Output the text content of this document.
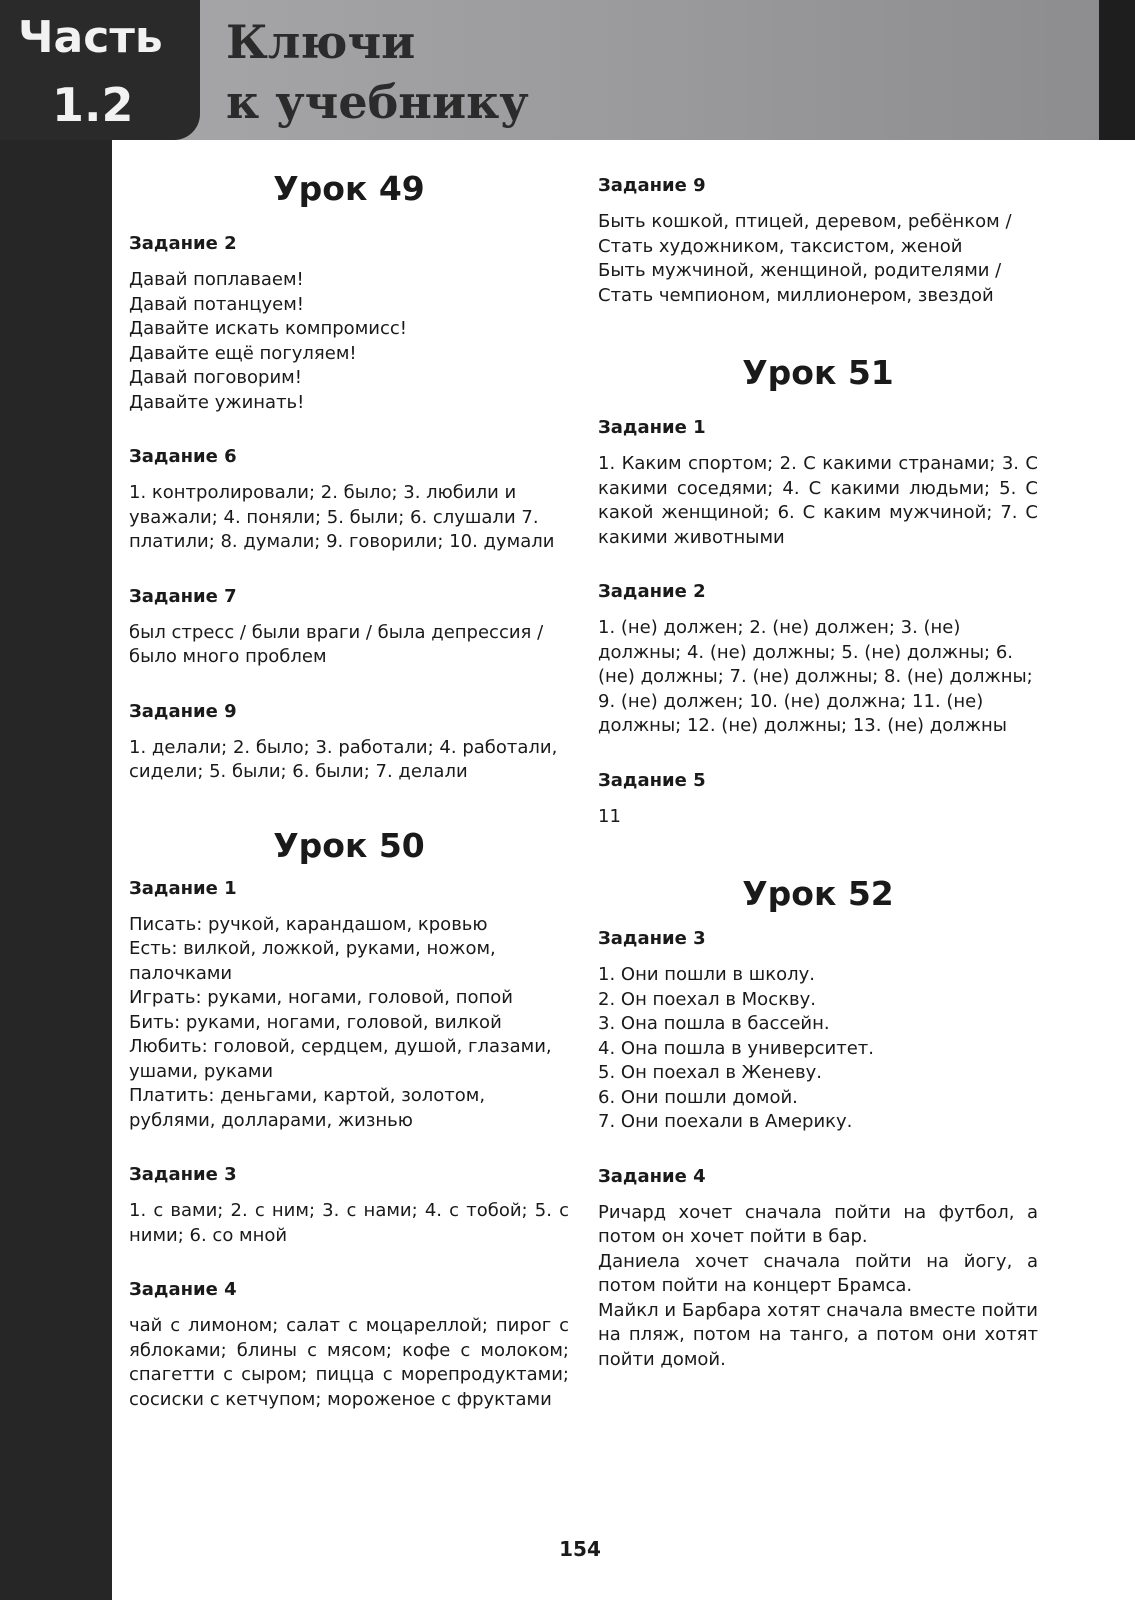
Часть
1.2
Ключи
к учебнику
Урок 49
Задание 2
Давай поплаваем!
Давай потанцуем!
Давайте искать компромисс!
Давайте ещё погуляем!
Давай поговорим!
Давайте ужинать!
Задание 6
1. контролировали; 2. было; 3. любили и уважали; 4. поняли; 5. были; 6. слушали 7. платили; 8. думали; 9. говорили; 10. думали
Задание 7
был стресс / были враги / была депрессия / было много проблем
Задание 9
1. делали; 2. было; 3. работали; 4. работали, сидели; 5. были; 6. были; 7. делали
Урок 50
Задание 1
Писать: ручкой, карандашом, кровью
Есть: вилкой, ложкой, руками, ножом, палочками
Играть: руками, ногами, головой, попой
Бить: руками, ногами, головой, вилкой
Любить: головой, сердцем, душой, глазами, ушами, руками
Платить: деньгами, картой, золотом, рублями, долларами, жизнью
Задание 3
1. с вами; 2. с ним; 3. с нами; 4. с тобой; 5. с ними; 6. со мной
Задание 4
чай с лимоном; салат с моцареллой; пирог с яблоками; блины с мясом; кофе с молоком; спагетти с сыром; пицца с морепродуктами; сосиски с кетчупом; мороженое с фруктами
Задание 9
Быть кошкой, птицей, деревом, ребёнком / Стать художником, таксистом, женой
Быть мужчиной, женщиной, родителями / Стать чемпионом, миллионером, звездой
Урок 51
Задание 1
1. Каким спортом; 2. С какими странами; 3. С какими соседями; 4. С какими людьми; 5. С какой женщиной; 6. С каким мужчиной; 7. С какими животными
Задание 2
1. (не) должен; 2. (не) должен; 3. (не) должны; 4. (не) должны; 5. (не) должны; 6. (не) должны; 7. (не) должны; 8. (не) должны; 9. (не) должен; 10. (не) должна; 11. (не) должны; 12. (не) должны; 13. (не) должны
Задание 5
11
Урок 52
Задание 3
1. Они пошли в школу.
2. Он поехал в Москву.
3. Она пошла в бассейн.
4. Она пошла в университет.
5. Он поехал в Женеву.
6. Они пошли домой.
7. Они поехали в Америку.
Задание 4
Ричард хочет сначала пойти на футбол, а потом он хочет пойти в бар.
Даниела хочет сначала пойти на йогу, а потом пойти на концерт Брамса.
Майкл и Барбара хотят сначала вместе пойти на пляж, потом на танго, а потом они хотят пойти домой.
154
